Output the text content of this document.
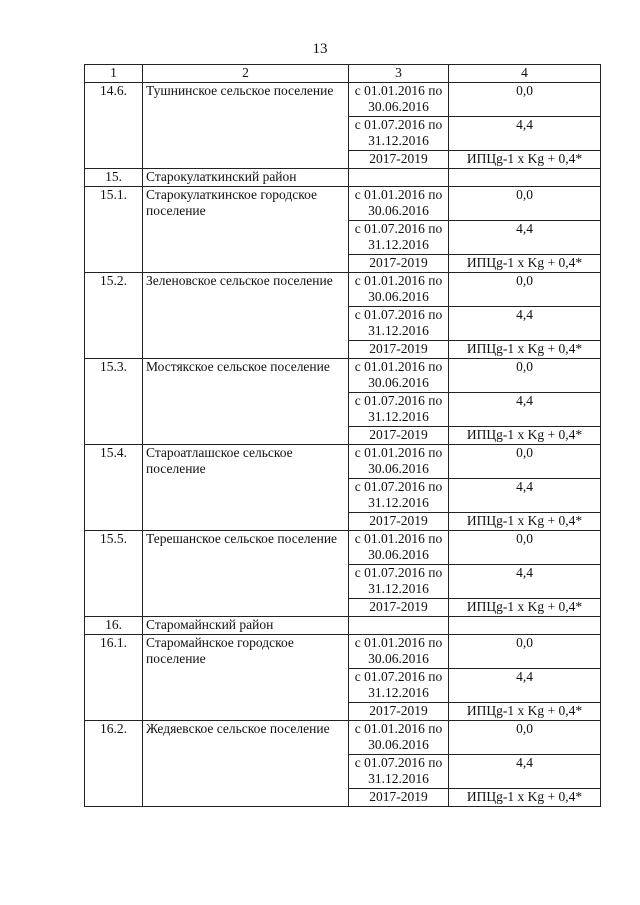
13
1	2	3	4
14.6.	Тушнинское сельское поселение	с 01.01.2016 по 30.06.2016	0,0

		с 01.07.2016 по 31.12.2016	4,4
		2017-2019	ИПЦg-1 x Kg + 0,4*
15.	Старокулаткинский район		
15.1.	Старокулаткинское городское поселение	с 01.01.2016 по 30.06.2016	0,0

		с 01.07.2016 по 31.12.2016	4,4
		2017-2019	ИПЦg-1 x Kg + 0,4*
15.2.	Зеленовское сельское поселение	с 01.01.2016 по 30.06.2016	0,0

		с 01.07.2016 по 31.12.2016	4,4
		2017-2019	ИПЦg-1 x Kg + 0,4*
15.3.	Мостякское сельское поселение	с 01.01.2016 по 30.06.2016	0,0

		с 01.07.2016 по 31.12.2016	4,4
		2017-2019	ИПЦg-1 x Kg + 0,4*
15.4.	Староатлашское сельское поселение	с 01.01.2016 по 30.06.2016	0,0

		с 01.07.2016 по 31.12.2016	4,4
		2017-2019	ИПЦg-1 x Kg + 0,4*
15.5.	Терешанское сельское поселение	с 01.01.2016 по 30.06.2016	0,0

		с 01.07.2016 по 31.12.2016	4,4
		2017-2019	ИПЦg-1 x Kg + 0,4*
16.	Старомайнский район		
16.1.	Старомайнское городское поселение	с 01.01.2016 по 30.06.2016	0,0

		с 01.07.2016 по 31.12.2016	4,4
		2017-2019	ИПЦg-1 x Kg + 0,4*
16.2.	Жедяевское сельское поселение	с 01.01.2016 по 30.06.2016	0,0

		с 01.07.2016 по 31.12.2016	4,4
		2017-2019	ИПЦg-1 x Kg + 0,4*
